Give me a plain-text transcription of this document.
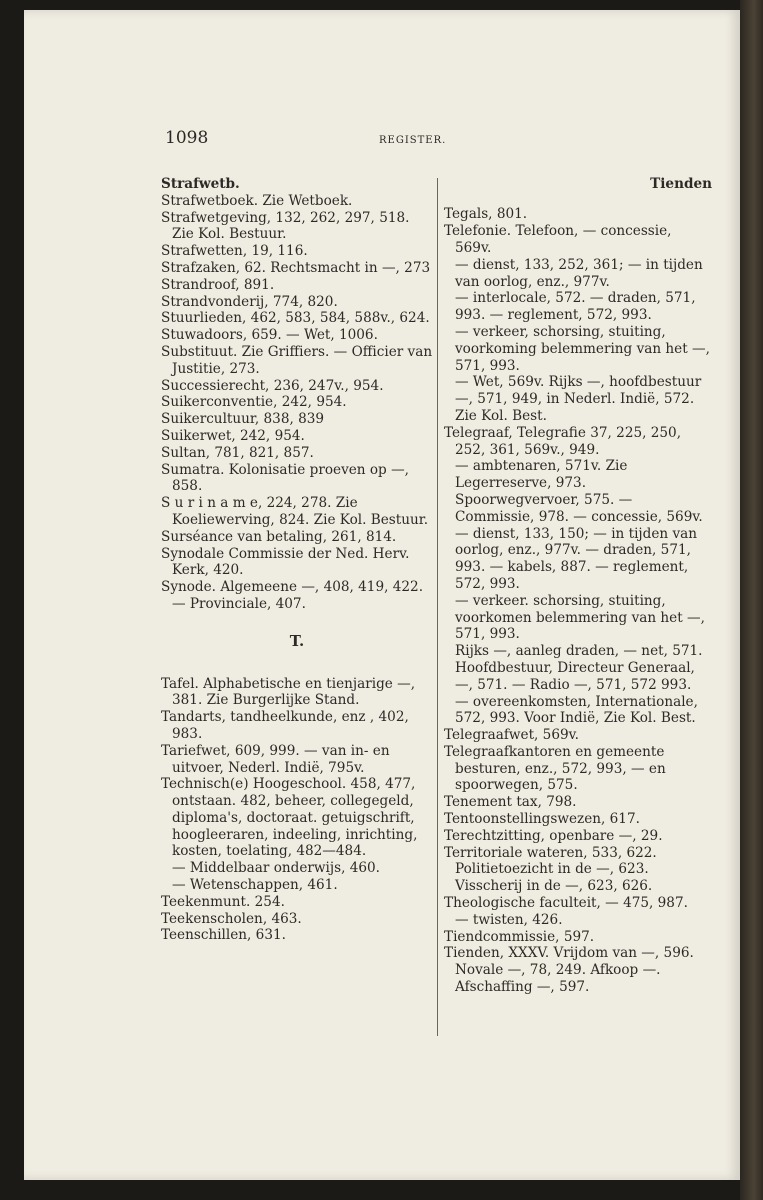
1098	REGISTER.

Strafwetb.

Strafwetboek. Zie Wetboek.

Strafwetgeving, 132, 262, 297, 518. Zie Kol. Bestuur.

Strafwetten, 19, 116.

Strafzaken, 62. Rechtsmacht in —, 273

Strandroof, 891.

Strandvonderij, 774, 820.

Stuurlieden, 462, 583, 584, 588v., 624.

Stuwadoors, 659. — Wet, 1006.

Substituut. Zie Griffiers. — Officier van Justitie, 273.

Successierecht, 236, 247v., 954.

Suikerconventie, 242, 954.

Suikercultuur, 838, 839

Suikerwet, 242, 954.

Sultan, 781, 821, 857.

Sumatra. Kolonisatie proeven op —, 858.

S u r i n a m e, 224, 278. Zie Koeliewerving, 824. Zie Kol. Bestuur.

Surséance van betaling, 261, 814.

Synodale Commissie der Ned. Herv. Kerk, 420.

Synode. Algemeene —, 408, 419, 422. — Provinciale, 407.

T.

Tafel. Alphabetische en tienjarige —, 381. Zie Burgerlijke Stand.

Tandarts, tandheelkunde, enz , 402, 983.

Tariefwet, 609, 999. — van in- en uitvoer, Nederl. Indië, 795v.

Technisch(e) Hoogeschool. 458, 477, ontstaan. 482, beheer, collegegeld, diploma's, doctoraat. getuigschrift, hoogleeraren, indeeling, inrichting, kosten, toelating, 482—484.

— Middelbaar onderwijs, 460.

— Wetenschappen, 461.

Teekenmunt. 254.

Teekenscholen, 463.

Teenschillen, 631.

Tienden

Tegals, 801.

Telefonie. Telefoon, — concessie, 569v.

— dienst, 133, 252, 361; — in tijden van oorlog, enz., 977v.

— interlocale, 572. — draden, 571, 993. — reglement, 572, 993.

— verkeer, schorsing, stuiting, voorkoming belemmering van het —, 571, 993.

— Wet, 569v. Rijks —, hoofdbestuur —, 571, 949, in Nederl. Indië, 572. Zie Kol. Best.

Telegraaf, Telegrafie 37, 225, 250, 252, 361, 569v., 949.

— ambtenaren, 571v. Zie Legerreserve, 973. Spoorwegvervoer, 575. — Commissie, 978. — concessie, 569v. — dienst, 133, 150; — in tijden van oorlog, enz., 977v. — draden, 571, 993. — kabels, 887. — reglement, 572, 993.

— verkeer. schorsing, stuiting, voorkomen belemmering van het —, 571, 993.

Rijks —, aanleg draden, — net, 571.

Hoofdbestuur, Directeur Generaal, —, 571. — Radio —, 571, 572 993.

— overeenkomsten, Internationale, 572, 993. Voor Indië, Zie Kol. Best.

Telegraafwet, 569v.

Telegraafkantoren en gemeente besturen, enz., 572, 993, — en spoorwegen, 575.

Tenement tax, 798.

Tentoonstellingswezen, 617.

Terechtzitting, openbare —, 29.

Territoriale wateren, 533, 622. Politietoezicht in de —, 623. Visscherij in de —, 623, 626.

Theologische faculteit, — 475, 987.

— twisten, 426.

Tiendcommissie, 597.

Tienden, XXXV. Vrijdom van —, 596. Novale —, 78, 249. Afkoop —. Afschaffing —, 597.
